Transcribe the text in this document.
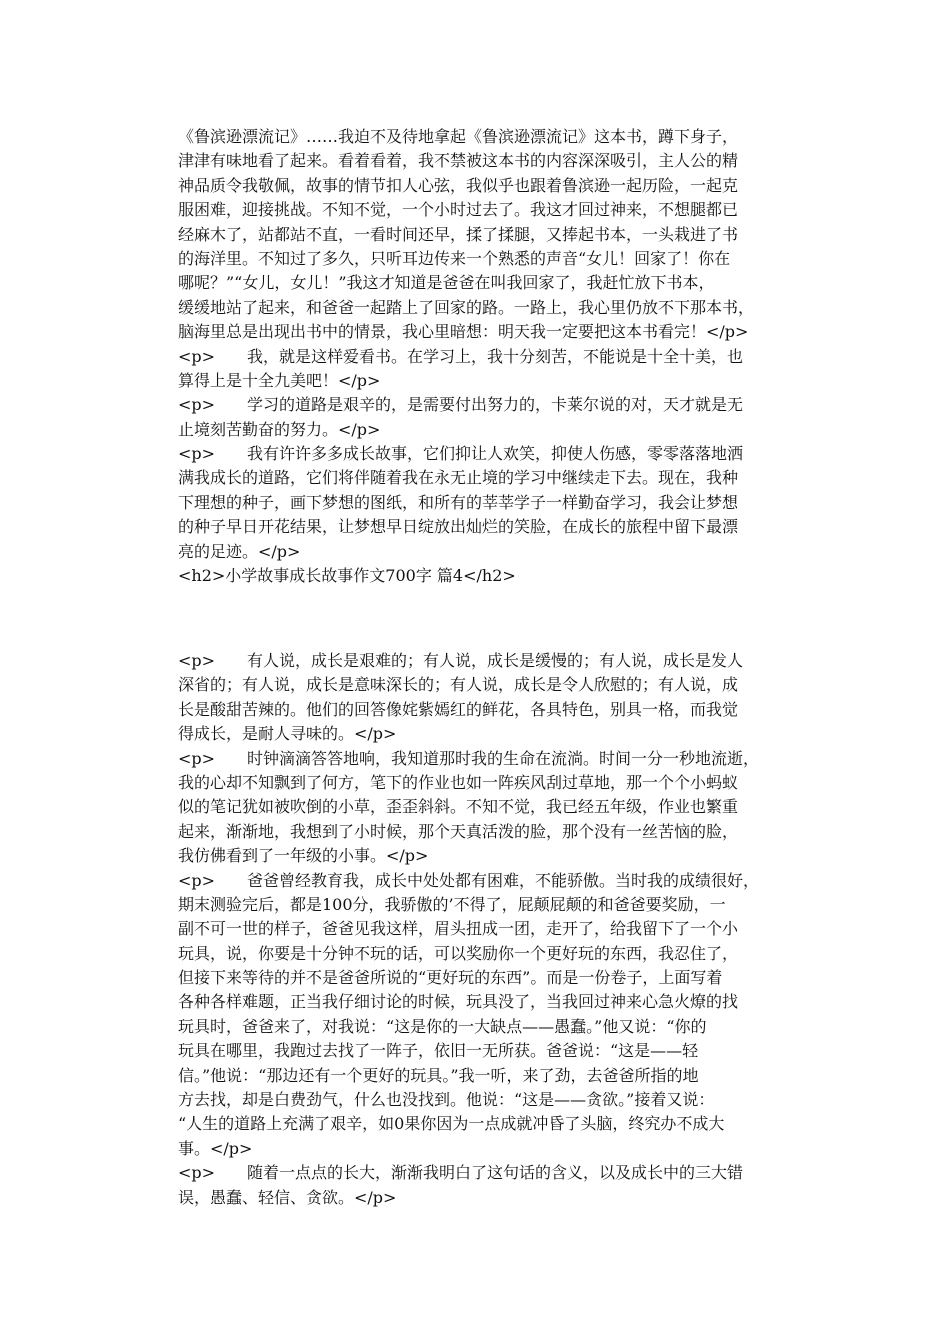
《鲁滨逊漂流记》……我迫不及待地拿起《鲁滨逊漂流记》这本书，蹲下身子，
津津有味地看了起来。看着看着，我不禁被这本书的内容深深吸引，主人公的精
神品质令我敬佩，故事的情节扣人心弦，我似乎也跟着鲁滨逊一起历险，一起克
服困难，迎接挑战。不知不觉，一个小时过去了。我这才回过神来，不想腿都已
经麻木了，站都站不直，一看时间还早，揉了揉腿，又捧起书本，一头栽进了书
的海洋里。不知过了多久，只听耳边传来一个熟悉的声音“女儿！回家了！你在
哪呢？”“女儿，女儿！”我这才知道是爸爸在叫我回家了，我赶忙放下书本，
缓缓地站了起来，和爸爸一起踏上了回家的路。一路上，我心里仍放不下那本书，
脑海里总是出现出书中的情景，我心里暗想：明天我一定要把这本书看完！</p>
<p>　　我，就是这样爱看书。在学习上，我十分刻苦，不能说是十全十美，也
算得上是十全九美吧！</p>
<p>　　学习的道路是艰辛的，是需要付出努力的，卡莱尔说的对，天才就是无
止境刻苦勤奋的努力。</p>
<p>　　我有许许多多成长故事，它们抑让人欢笑，抑使人伤感，零零落落地洒
满我成长的道路，它们将伴随着我在永无止境的学习中继续走下去。现在，我种
下理想的种子，画下梦想的图纸，和所有的莘莘学子一样勤奋学习，我会让梦想
的种子早日开花结果，让梦想早日绽放出灿烂的笑脸，在成长的旅程中留下最漂
亮的足迹。</p>
<h2>小学故事成长故事作文700字 篇4</h2>
<p>　　有人说，成长是艰难的；有人说，成长是缓慢的；有人说，成长是发人
深省的；有人说，成长是意味深长的；有人说，成长是令人欣慰的；有人说，成
长是酸甜苦辣的。他们的回答像姹紫嫣红的鲜花，各具特色，别具一格，而我觉
得成长，是耐人寻味的。</p>
<p>　　时钟滴滴答答地响，我知道那时我的生命在流淌。时间一分一秒地流逝，
我的心却不知飘到了何方，笔下的作业也如一阵疾风刮过草地，那一个个小蚂蚁
似的笔记犹如被吹倒的小草，歪歪斜斜。不知不觉，我已经五年级，作业也繁重
起来，渐渐地，我想到了小时候，那个天真活泼的脸，那个没有一丝苦恼的脸，
我仿佛看到了一年级的小事。</p>
<p>　　爸爸曾经教育我，成长中处处都有困难，不能骄傲。当时我的成绩很好，
期末测验完后，都是100分，我骄傲的’不得了，屁颠屁颠的和爸爸要奖励，一
副不可一世的样子，爸爸见我这样，眉头扭成一团，走开了，给我留下了一个小
玩具，说，你要是十分钟不玩的话，可以奖励你一个更好玩的东西，我忍住了，
但接下来等待的并不是爸爸所说的“更好玩的东西”。而是一份卷子，上面写着
各种各样难题，正当我仔细讨论的时候，玩具没了，当我回过神来心急火燎的找
玩具时，爸爸来了，对我说：“这是你的一大缺点——愚蠢。”他又说：“你的
玩具在哪里，我跑过去找了一阵子，依旧一无所获。爸爸说：“这是——轻
信。”他说：“那边还有一个更好的玩具。”我一听，来了劲，去爸爸所指的地
方去找，却是白费劲气，什么也没找到。他说：“这是——贪欲。”接着又说：
“人生的道路上充满了艰辛，如0果你因为一点成就冲昏了头脑，终究办不成大
事。</p>
<p>　　随着一点点的长大，渐渐我明白了这句话的含义，以及成长中的三大错
误，愚蠢、轻信、贪欲。</p>
